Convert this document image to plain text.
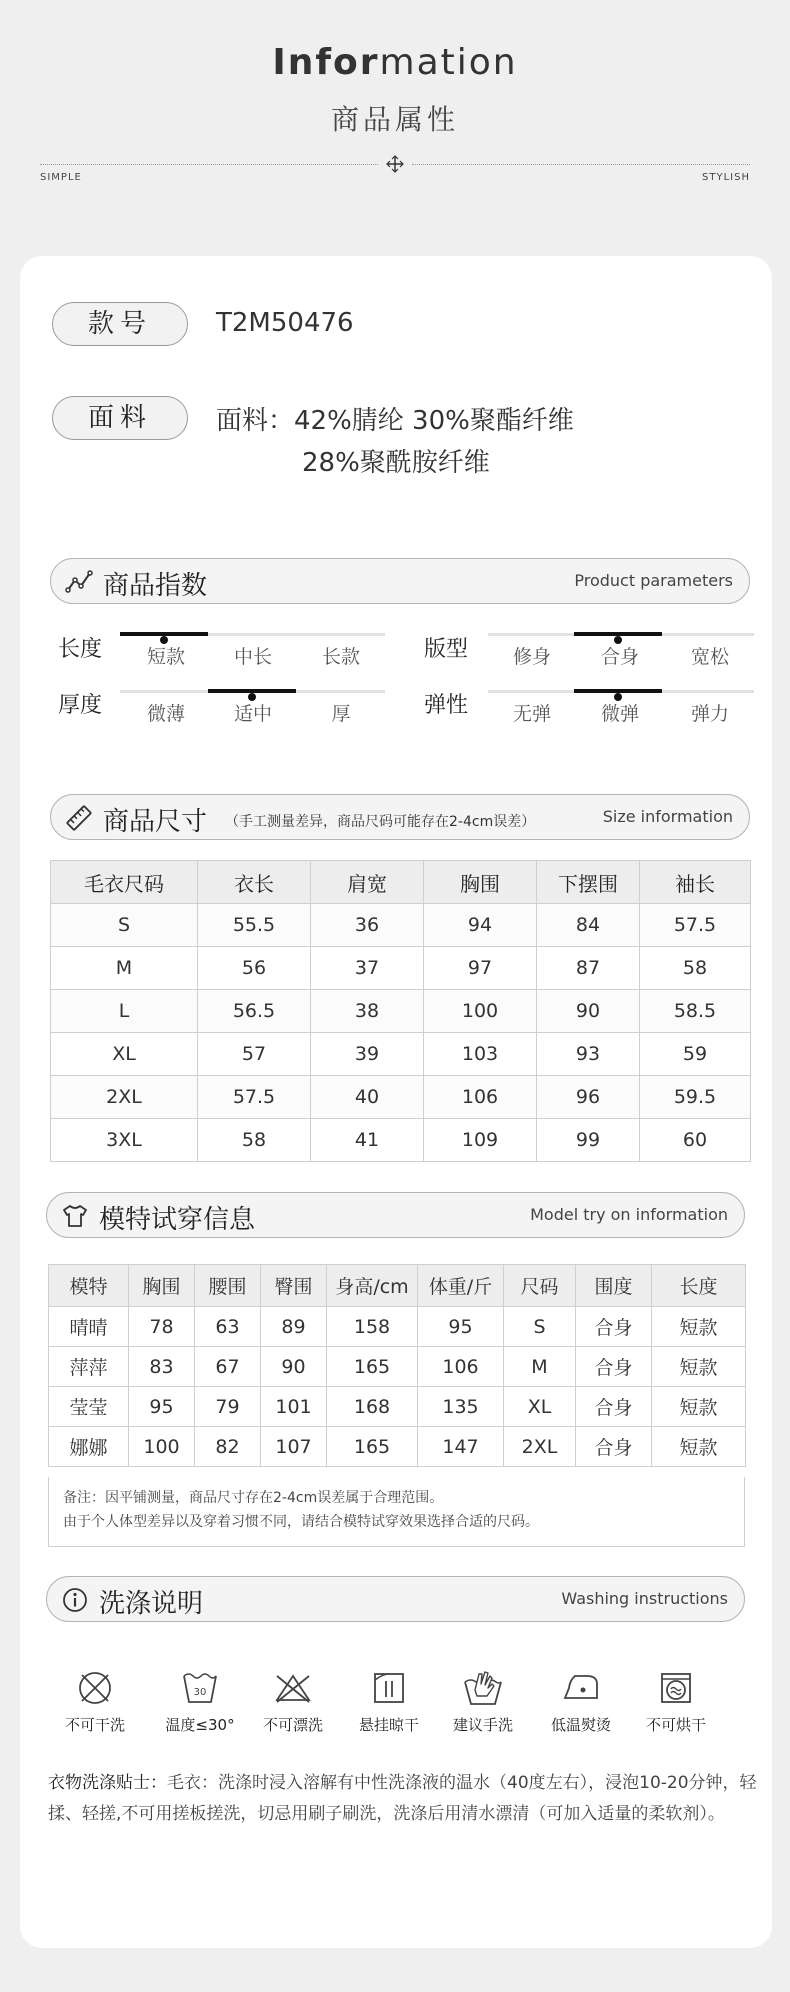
Information
商品属性
SIMPLE	STYLISH
款号	T2M50476
面料	面料：42%腈纶 30%聚酯纤维
28%聚酰胺纤维
商品指数	Product parameters
长度	短款	中长	长款	版型	修身	合身	宽松
厚度	微薄	适中	厚	弹性	无弹	微弹	弹力
商品尺寸 （手工测量差异，商品尺码可能存在2-4cm误差）	Size information
毛衣尺码	衣长	肩宽	胸围	下摆围	袖长
S	55.5	36	94	84	57.5
M	56	37	97	87	58
L	56.5	38	100	90	58.5
XL	57	39	103	93	59
2XL	57.5	40	106	96	59.5
3XL	58	41	109	99	60
模特试穿信息	Model try on information
模特	胸围	腰围	臀围	身高/cm	体重/斤	尺码	围度	长度
晴晴	78	63	89	158	95	S	合身	短款
萍萍	83	67	90	165	106	M	合身	短款
莹莹	95	79	101	168	135	XL	合身	短款
娜娜	100	82	107	165	147	2XL	合身	短款
备注：因平铺测量，商品尺寸存在2-4cm误差属于合理范围。
由于个人体型差异以及穿着习惯不同，请结合模特试穿效果选择合适的尺码。
洗涤说明	Washing instructions
不可干洗
30
温度≤30°	不可漂洗	悬挂晾干	建议手洗	低温熨烫	不可烘干
衣物洗涤贴士：毛衣：洗涤时浸入溶解有中性洗涤液的温水（40度左右），浸泡10-20分钟，轻揉、轻搓,不可用搓板搓洗，切忌用刷子刷洗，洗涤后用清水漂清（可加入适量的柔软剂）。
